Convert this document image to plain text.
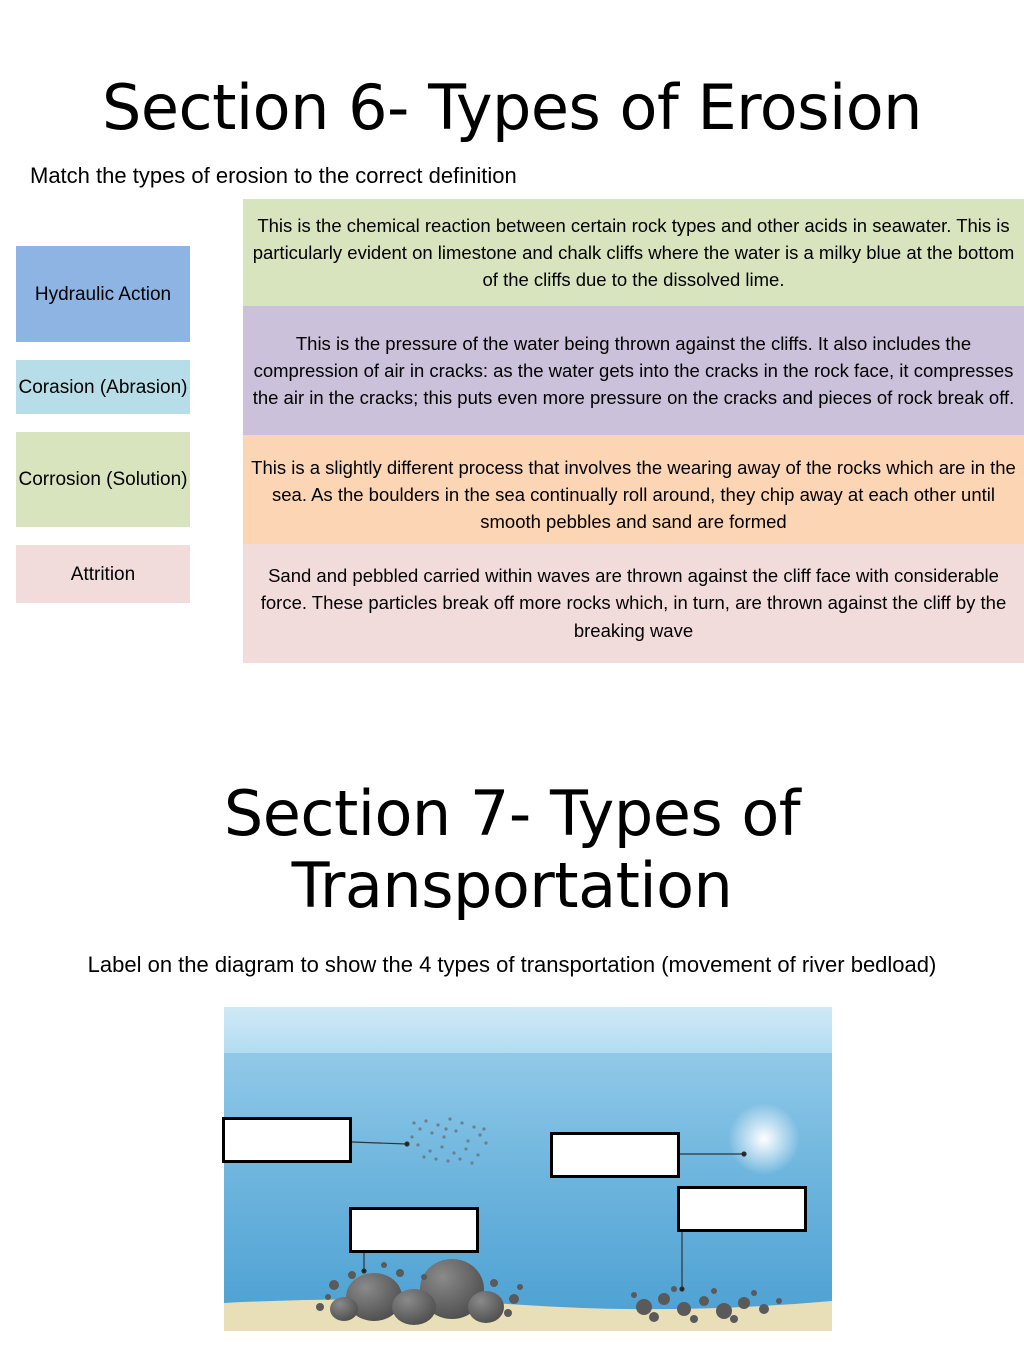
Section 6- Types of Erosion
Match the types of erosion to the correct definition
Hydraulic Action
Corasion (Abrasion)
Corrosion (Solution)
Attrition
This is the chemical reaction between certain rock types and other acids in seawater. This is particularly evident on limestone and chalk cliffs where the water is a milky blue at the bottom of the cliffs due to the dissolved lime.
This is the pressure of the water being thrown against the cliffs. It also includes the compression of air in cracks: as the water gets into the cracks in the rock face, it compresses the air in the cracks; this puts even more pressure on the cracks and pieces of rock break off.
This is a slightly different process that involves the wearing away of the rocks which are in the sea. As the boulders in the sea continually roll around, they chip away at each other until smooth pebbles and sand are formed
Sand and pebbled carried within waves are thrown against the cliff face with considerable force. These particles break off more rocks which, in turn, are thrown against the cliff by the breaking wave
Section 7- Types of
Transportation
Label on the diagram to show the 4 types of transportation (movement of river bedload)
